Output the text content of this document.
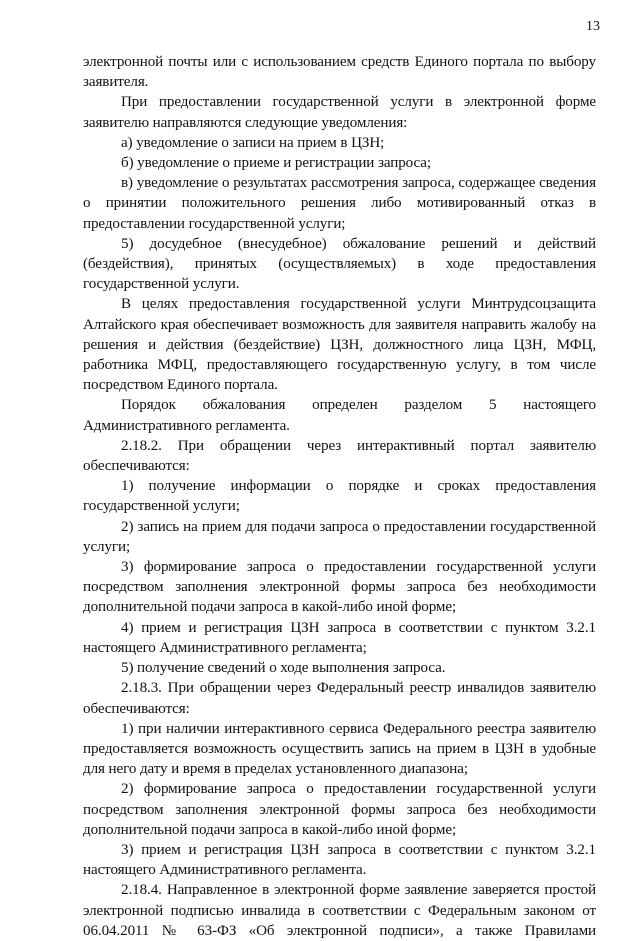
13

электронной почты или с использованием средств Единого портала по выбору заявителя.

При предоставлении государственной услуги в электронной форме заявителю направляются следующие уведомления:

а) уведомление о записи на прием в ЦЗН;

б) уведомление о приеме и регистрации запроса;

в) уведомление о результатах рассмотрения запроса, содержащее сведения о принятии положительного решения либо мотивированный отказ в предоставлении государственной услуги;

5) досудебное (внесудебное) обжалование решений и действий (бездействия), принятых (осуществляемых) в ходе предоставления государственной услуги.

В целях предоставления государственной услуги Минтрудсоцзащита Алтайского края обеспечивает возможность для заявителя направить жалобу на решения и действия (бездействие) ЦЗН, должностного лица ЦЗН, МФЦ, работника МФЦ, предоставляющего государственную услугу, в том числе посредством Единого портала.

Порядок обжалования определен разделом 5 настоящего Административного регламента.

2.18.2. При обращении через интерактивный портал заявителю обеспечиваются:

1) получение информации о порядке и сроках предоставления государственной услуги;

2) запись на прием для подачи запроса о предоставлении государственной услуги;

3) формирование запроса о предоставлении государственной услуги посредством заполнения электронной формы запроса без необходимости дополнительной подачи запроса в какой-либо иной форме;

4) прием и регистрация ЦЗН запроса в соответствии с пунктом 3.2.1 настоящего Административного регламента;

5) получение сведений о ходе выполнения запроса.

2.18.3. При обращении через Федеральный реестр инвалидов заявителю обеспечиваются:

1) при наличии интерактивного сервиса Федерального реестра заявителю предоставляется возможность осуществить запись на прием в ЦЗН в удобные для него дату и время в пределах установленного диапазона;

2) формирование запроса о предоставлении государственной услуги посредством заполнения электронной формы запроса без необходимости дополнительной подачи запроса в какой-либо иной форме;

3) прием и регистрация ЦЗН запроса в соответствии с пунктом 3.2.1 настоящего Административного регламента.

2.18.4. Направленное в электронной форме заявление заверяется простой электронной подписью инвалида в соответствии с Федеральным законом от 06.04.2011 № 63-ФЗ «Об электронной подписи», а также Правилами
